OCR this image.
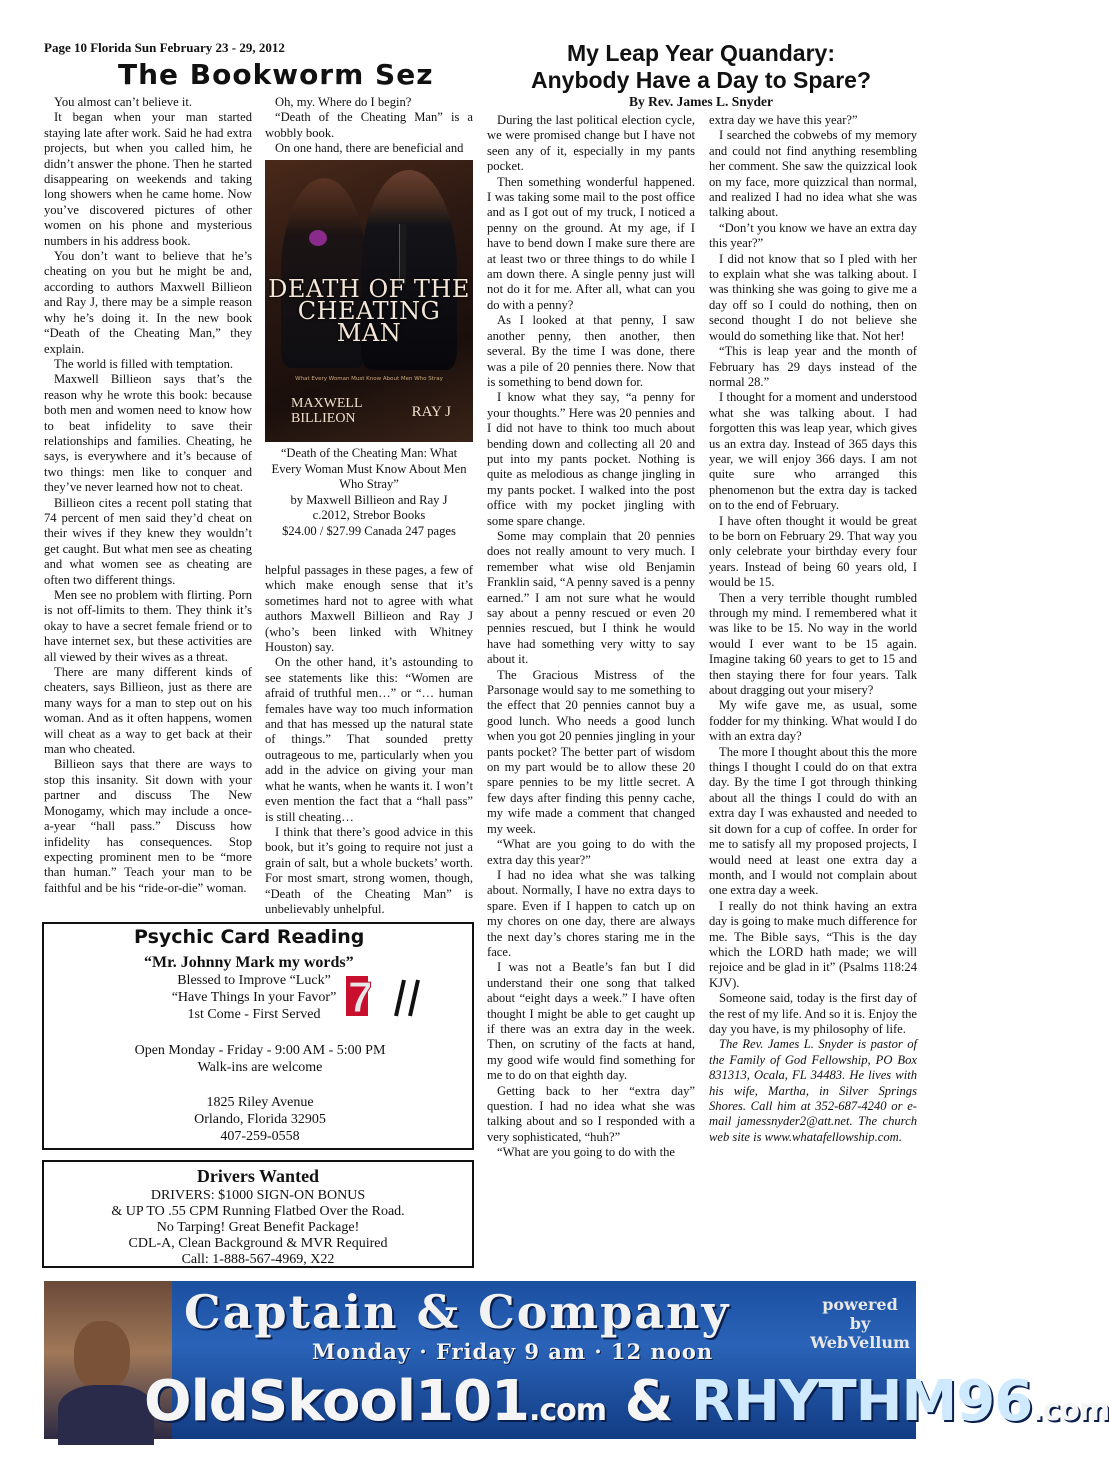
Page 10 Florida Sun February 23 - 29, 2012
The Bookworm Sez
My Leap Year Quandary:
Anybody Have a Day to Spare?
By Rev. James L. Snyder

You almost can’t believe it.

It began when your man started staying late after work. Said he had extra projects, but when you called him, he didn’t answer the phone. Then he started disappearing on weekends and taking long showers when he came home. Now you’ve discovered pictures of other women on his phone and mysterious numbers in his address book.

You don’t want to believe that he’s cheating on you but he might be and, according to authors Maxwell Billieon and Ray J, there may be a simple reason why he’s doing it. In the new book “Death of the Cheating Man,” they explain.

The world is filled with temptation.

Maxwell Billieon says that’s the reason why he wrote this book: because both men and women need to know how to beat infidelity to save their relationships and families. Cheating, he says, is everywhere and it’s because of two things: men like to conquer and they’ve never learned how not to cheat.

Billieon cites a recent poll stating that 74 percent of men said they’d cheat on their wives if they knew they wouldn’t get caught. But what men see as cheating and what women see as cheating are often two different things.

Men see no problem with flirting. Porn is not off-limits to them. They think it’s okay to have a secret female friend or to have internet sex, but these activities are all viewed by their wives as a threat.

There are many different kinds of cheaters, says Billieon, just as there are many ways for a man to step out on his woman. And as it often happens, women will cheat as a way to get back at their man who cheated.

Billieon says that there are ways to stop this insanity. Sit down with your partner and discuss The New Monogamy, which may include a once-a-year “hall pass.” Discuss how infidelity has consequences. Stop expecting prominent men to be “more than human.” Teach your man to be faithful and be his “ride-or-die” woman.

Oh, my. Where do I begin?

“Death of the Cheating Man” is a wobbly book.

On one hand, there are beneficial and

DEATH OF THE CHEATING MAN
What Every Woman Must Know About Men Who Stray
MAXWELL BILLIEON	RAY J
“Death of the Cheating Man: What Every Woman Must Know About Men Who Stray”
by Maxwell Billieon and Ray J
c.2012, Strebor Books
$24.00 / $27.99 Canada 247 pages

helpful passages in these pages, a few of which make enough sense that it’s sometimes hard not to agree with what authors Maxwell Billieon and Ray J (who’s been linked with Whitney Houston) say.

On the other hand, it’s astounding to see statements like this: “Women are afraid of truthful men…” or “… human females have way too much information and that has messed up the natural state of things.” That sounded pretty outrageous to me, particularly when you add in the advice on giving your man what he wants, when he wants it. I won’t even mention the fact that a “hall pass” is still cheating…

I think that there’s good advice in this book, but it’s going to require not just a grain of salt, but a whole buckets’ worth. For most smart, strong women, though, “Death of the Cheating Man” is unbelievably unhelpful.

During the last political election cycle, we were promised change but I have not seen any of it, especially in my pants pocket.

Then something wonderful happened. I was taking some mail to the post office and as I got out of my truck, I noticed a penny on the ground. At my age, if I have to bend down I make sure there are at least two or three things to do while I am down there. A single penny just will not do it for me. After all, what can you do with a penny?

As I looked at that penny, I saw another penny, then another, then several. By the time I was done, there was a pile of 20 pennies there. Now that is something to bend down for.

I know what they say, “a penny for your thoughts.” Here was 20 pennies and I did not have to think too much about bending down and collecting all 20 and put into my pants pocket. Nothing is quite as melodious as change jingling in my pants pocket. I walked into the post office with my pocket jingling with some spare change.

Some may complain that 20 pennies does not really amount to very much. I remember what wise old Benjamin Franklin said, “A penny saved is a penny earned.” I am not sure what he would say about a penny rescued or even 20 pennies rescued, but I think he would have had something very witty to say about it.

The Gracious Mistress of the Parsonage would say to me something to the effect that 20 pennies cannot buy a good lunch. Who needs a good lunch when you got 20 pennies jingling in your pants pocket? The better part of wisdom on my part would be to allow these 20 spare pennies to be my little secret. A few days after finding this penny cache, my wife made a comment that changed my week.

“What are you going to do with the extra day this year?”

I had no idea what she was talking about. Normally, I have no extra days to spare. Even if I happen to catch up on my chores on one day, there are always the next day’s chores staring me in the face.

I was not a Beatle’s fan but I did understand their one song that talked about “eight days a week.” I have often thought I might be able to get caught up if there was an extra day in the week. Then, on scrutiny of the facts at hand, my good wife would find something for me to do on that eighth day.

Getting back to her “extra day” question. I had no idea what she was talking about and so I responded with a very sophisticated, “huh?”

“What are you going to do with the

extra day we have this year?”

I searched the cobwebs of my memory and could not find anything resembling her comment. She saw the quizzical look on my face, more quizzical than normal, and realized I had no idea what she was talking about.

“Don’t you know we have an extra day this year?”

I did not know that so I pled with her to explain what she was talking about. I was thinking she was going to give me a day off so I could do nothing, then on second thought I do not believe she would do something like that. Not her!

“This is leap year and the month of February has 29 days instead of the normal 28.”

I thought for a moment and understood what she was talking about. I had forgotten this was leap year, which gives us an extra day. Instead of 365 days this year, we will enjoy 366 days. I am not quite sure who arranged this phenomenon but the extra day is tacked on to the end of February.

I have often thought it would be great to be born on February 29. That way you only celebrate your birthday every four years. Instead of being 60 years old, I would be 15.

Then a very terrible thought rumbled through my mind. I remembered what it was like to be 15. No way in the world would I ever want to be 15 again. Imagine taking 60 years to get to 15 and then staying there for four years. Talk about dragging out your misery?

My wife gave me, as usual, some fodder for my thinking. What would I do with an extra day?

The more I thought about this the more things I thought I could do on that extra day. By the time I got through thinking about all the things I could do with an extra day I was exhausted and needed to sit down for a cup of coffee. In order for me to satisfy all my proposed projects, I would need at least one extra day a month, and I would not complain about one extra day a week.

I really do not think having an extra day is going to make much difference for me. The Bible says, “This is the day which the LORD hath made; we will rejoice and be glad in it” (Psalms 118:24 KJV).

Someone said, today is the first day of the rest of my life. And so it is. Enjoy the day you have, is my philosophy of life.

The Rev. James L. Snyder is pastor of the Family of God Fellowship, PO Box 831313, Ocala, FL 34483. He lives with his wife, Martha, in Silver Springs Shores. Call him at 352-687-4240 or e-mail jamessnyder2@att.net. The church web site is www.whatafellowship.com.

Psychic Card Reading
“Mr. Johnny Mark my words”
Blessed to Improve “Luck”
“Have Things In your Favor”
1st Come - First Served 7
Open Monday - Friday - 9:00 AM - 5:00 PM
Walk-ins are welcome
1825 Riley Avenue
Orlando, Florida 32905
407-259-0558
Drivers Wanted
DRIVERS: $1000 SIGN-ON BONUS
& UP TO .55 CPM Running Flatbed Over the Road.
No Tarping! Great Benefit Package!
CDL-A, Clean Background & MVR Required
Call: 1-888-567-4969, X22
Captain & Company
Monday · Friday 9 am · 12 noon
powered by
WebVellum
OldSkool101.com & RHYTHM96.com
